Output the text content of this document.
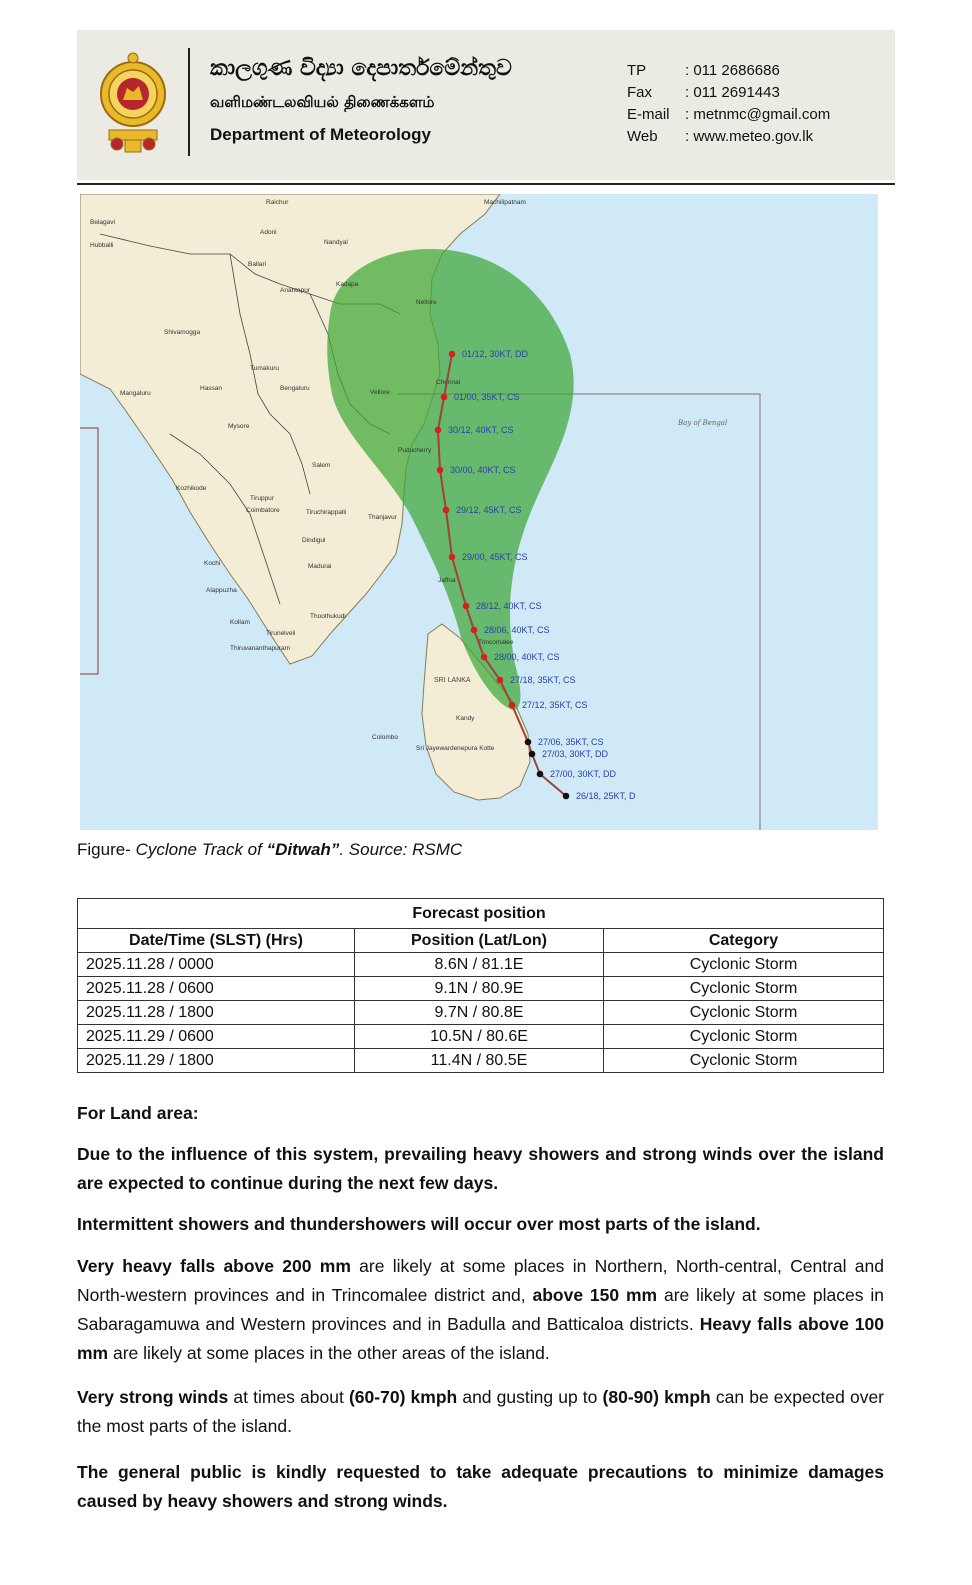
කාලගුණ විද්‍යා දෙපාර්තමේන්තුව
வளிமண்டலவியல் திணைக்களம்
Department of Meteorology
TP	: 011 2686686
Fax	: 011 2691443
E-mail	: metnmc@gmail.com
Web	: www.meteo.gov.lk
Chennai
Bengaluru
Mysore
Salem
Coimbatore
Madurai
Kozhikode
Kochi
Tirunelveli
Jaffna
Trincomalee
Kandy
Colombo
Mangaluru
Nellore
Puducherry
Thanjavur
Dindigul
Tiruppur
Kollam
Alappuzha
Hassan
Shivamogga
Tumakuru
Anantapur
Kadapa
Vellore
Adoni
Hubballi
Belagavi
Raichur
Nandyal
Ballari
Tiruchirappalli
Thoothukudi
Thiruvananthapuram
Sri Jayewardenepura Kotte
Machilipatnam
Bay of Bengal
SRI LANKA
01/12, 30KT, DD
01/00, 35KT, CS
30/12, 40KT, CS
30/00, 40KT, CS
29/12, 45KT, CS
29/00, 45KT, CS
28/12, 40KT, CS
28/06, 40KT, CS
28/00, 40KT, CS
27/18, 35KT, CS
27/12, 35KT, CS
27/06, 35KT, CS
27/03, 30KT, DD
27/00, 30KT, DD
26/18, 25KT, D
Figure- Cyclone Track of “Ditwah”. Source: RSMC
	Forecast position	
Date/Time (SLST) (Hrs)	Position (Lat/Lon)	Category
2025.11.28 / 0000	8.6N / 81.1E	Cyclonic Storm
2025.11.28 / 0600	9.1N / 80.9E	Cyclonic Storm
2025.11.28 / 1800	9.7N / 80.8E	Cyclonic Storm
2025.11.29 / 0600	10.5N / 80.6E	Cyclonic Storm
2025.11.29 / 1800	11.4N / 80.5E	Cyclonic Storm

For Land area:

Due to the influence of this system, prevailing heavy showers and strong winds over the island are expected to continue during the next few days.

Intermittent showers and thundershowers will occur over most parts of the island.

Very heavy falls above 200 mm are likely at some places in Northern, North-central, Central and North-western provinces and in Trincomalee district and, above 150 mm are likely at some places in Sabaragamuwa and Western provinces and in Badulla and Batticaloa districts. Heavy falls above 100 mm are likely at some places in the other areas of the island.

Very strong winds at times about (60-70) kmph and gusting up to (80-90) kmph can be expected over the most parts of the island.

The general public is kindly requested to take adequate precautions to minimize damages caused by heavy showers and strong winds.
